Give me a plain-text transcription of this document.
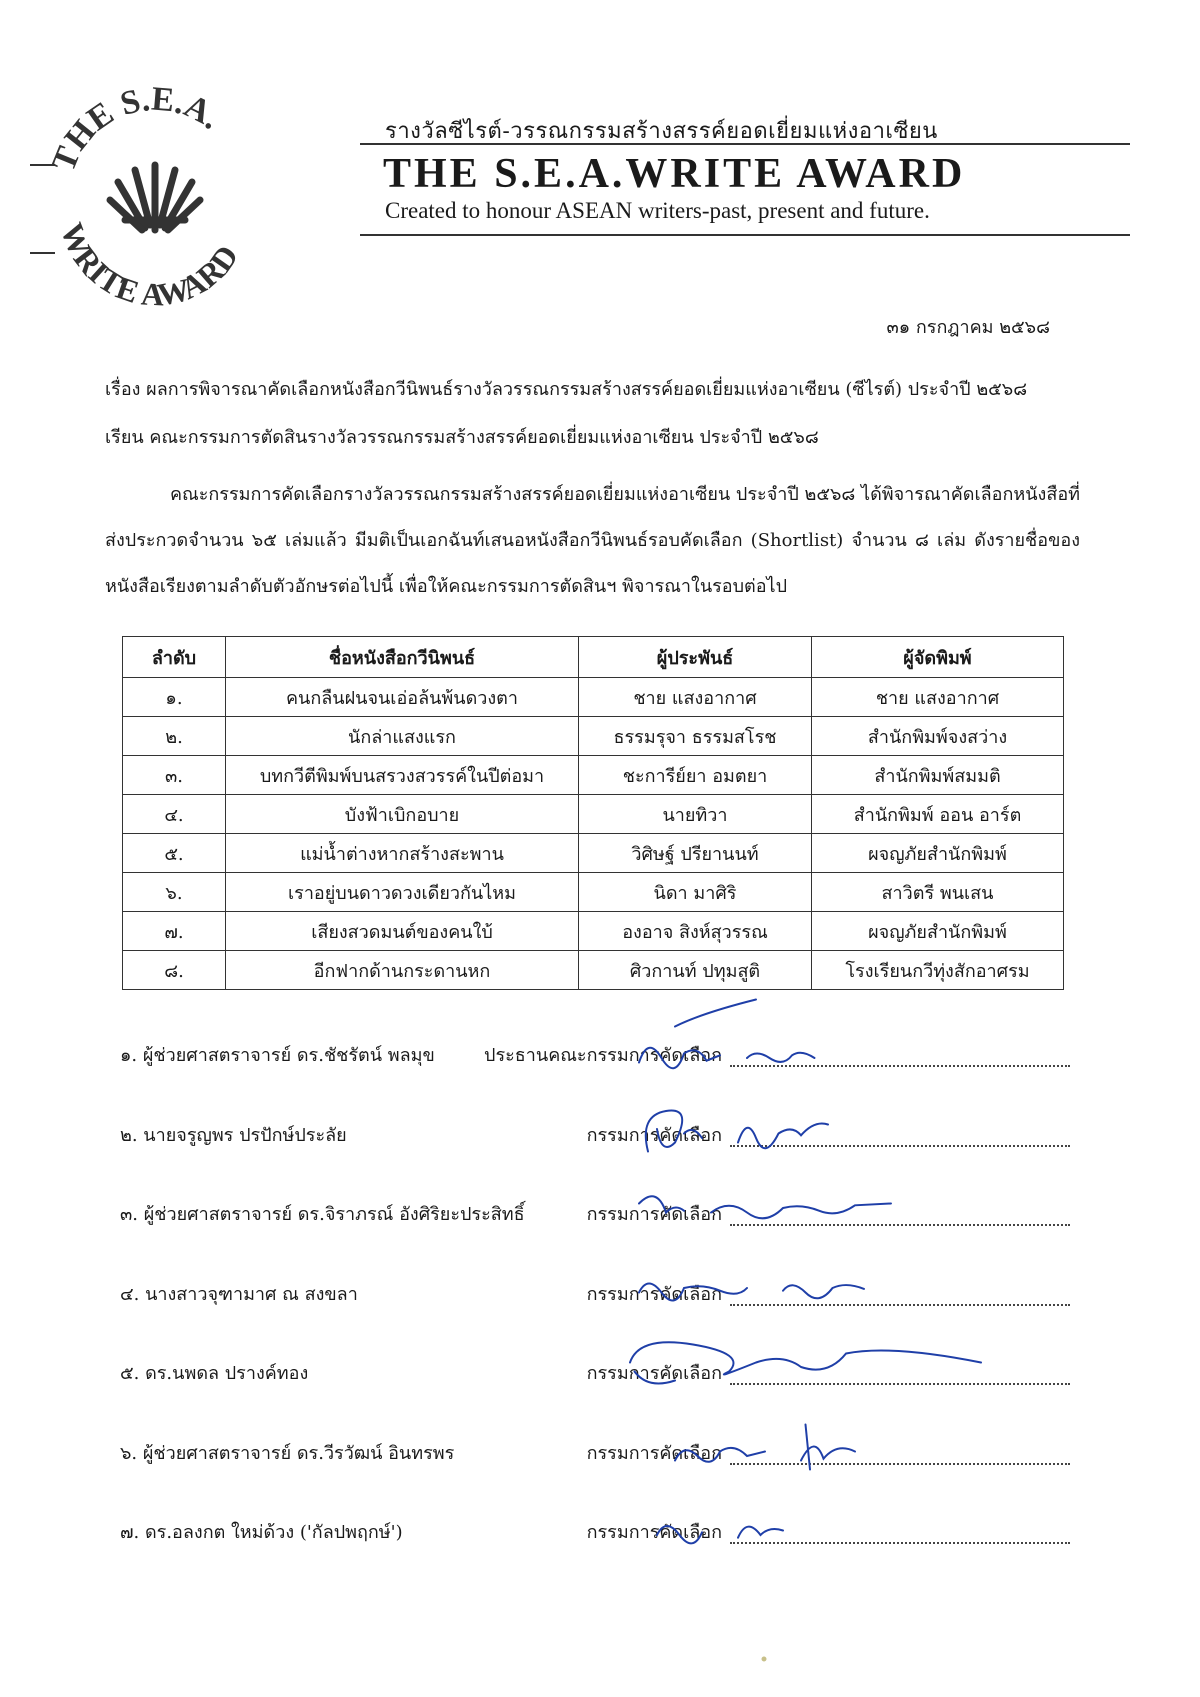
THE S.E.A.
WRITE AWARD
รางวัลซีไรต์-วรรณกรรมสร้างสรรค์ยอดเยี่ยมแห่งอาเซียน
THE S.E.A.WRITE AWARD
Created to honour ASEAN writers-past, present and future.
๓๑ กรกฎาคม ๒๕๖๘
เรื่อง ผลการพิจารณาคัดเลือกหนังสือกวีนิพนธ์รางวัลวรรณกรรมสร้างสรรค์ยอดเยี่ยมแห่งอาเซียน (ซีไรต์) ประจำปี ๒๕๖๘
เรียน คณะกรรมการตัดสินรางวัลวรรณกรรมสร้างสรรค์ยอดเยี่ยมแห่งอาเซียน ประจำปี ๒๕๖๘

คณะกรรมการคัดเลือกรางวัลวรรณกรรมสร้างสรรค์ยอดเยี่ยมแห่งอาเซียน ประจำปี ๒๕๖๘ ได้พิจารณาคัดเลือกหนังสือที่ส่งประกวดจำนวน ๖๕ เล่มแล้ว มีมติเป็นเอกฉันท์เสนอหนังสือกวีนิพนธ์รอบคัดเลือก (Shortlist) จำนวน ๘ เล่ม ดังรายชื่อของหนังสือเรียงตามลำดับตัวอักษรต่อไปนี้ เพื่อให้คณะกรรมการตัดสินฯ พิจารณาในรอบต่อไป

ลำดับ	ชื่อหนังสือกวีนิพนธ์	ผู้ประพันธ์	ผู้จัดพิมพ์
๑.	คนกลืนฝนจนเอ่อล้นพ้นดวงตา	ชาย แสงอากาศ	ชาย แสงอากาศ
๒.	นักล่าแสงแรก	ธรรมรุจา ธรรมสโรช	สำนักพิมพ์จงสว่าง
๓.	บทกวีตีพิมพ์บนสรวงสวรรค์ในปีต่อมา	ชะการีย์ยา อมตยา	สำนักพิมพ์สมมติ
๔.	บังฟ้าเบิกอบาย	นายทิวา	สำนักพิมพ์ ออน อาร์ต
๕.	แม่น้ำต่างหากสร้างสะพาน	วิศิษฐ์ ปรียานนท์	ผจญภัยสำนักพิมพ์
๖.	เราอยู่บนดาวดวงเดียวกันไหม	นิดา มาศิริ	สาวิตรี พนเสน
๗.	เสียงสวดมนต์ของคนใบ้	องอาจ สิงห์สุวรรณ	ผจญภัยสำนักพิมพ์
๘.	อีกฟากด้านกระดานหก	ศิวกานท์ ปทุมสูติ	โรงเรียนกวีทุ่งสักอาศรม
๑. ผู้ช่วยศาสตราจารย์ ดร.ชัชรัตน์ พลมุข	ประธานคณะกรรมการคัดเลือก
๒. นายจรูญพร ปรปักษ์ประลัย	กรรมการคัดเลือก
๓. ผู้ช่วยศาสตราจารย์ ดร.จิราภรณ์ อังศิริยะประสิทธิ์	กรรมการคัดเลือก
๔. นางสาวจุฑามาศ ณ สงขลา	กรรมการคัดเลือก
๕. ดร.นพดล ปรางค์ทอง	กรรมการคัดเลือก
๖. ผู้ช่วยศาสตราจารย์ ดร.วีรวัฒน์ อินทรพร	กรรมการคัดเลือก
๗. ดร.อลงกต ใหม่ด้วง ('กัลปพฤกษ์')	กรรมการคัดเลือก
